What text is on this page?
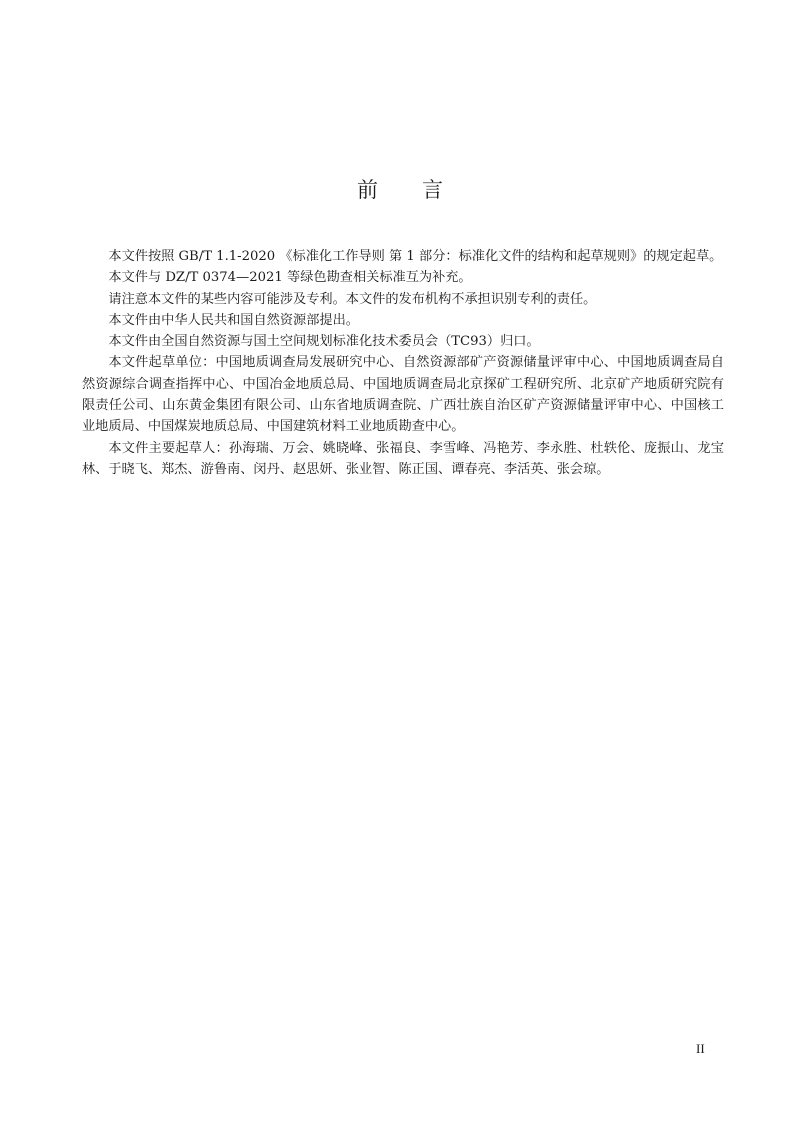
前 言

本文件按照 GB/T 1.1-2020 《标准化工作导则 第 1 部分：标准化文件的结构和起草规则》的规定起草。

本文件与 DZ/T 0374—2021 等绿色勘查相关标准互为补充。

请注意本文件的某些内容可能涉及专利。本文件的发布机构不承担识别专利的责任。

本文件由中华人民共和国自然资源部提出。

本文件由全国自然资源与国土空间规划标准化技术委员会（TC93）归口。

本文件起草单位：中国地质调查局发展研究中心、自然资源部矿产资源储量评审中心、中国地质调查局自然资源综合调查指挥中心、中国冶金地质总局、中国地质调查局北京探矿工程研究所、北京矿产地质研究院有限责任公司、山东黄金集团有限公司、山东省地质调查院、广西壮族自治区矿产资源储量评审中心、中国核工业地质局、中国煤炭地质总局、中国建筑材料工业地质勘查中心。

本文件主要起草人：孙海瑞、万会、姚晓峰、张福良、李雪峰、冯艳芳、李永胜、杜轶伦、庞振山、龙宝林、于晓飞、郑杰、游鲁南、闵丹、赵思妍、张业智、陈正国、谭春亮、李活英、张会琼。

II
